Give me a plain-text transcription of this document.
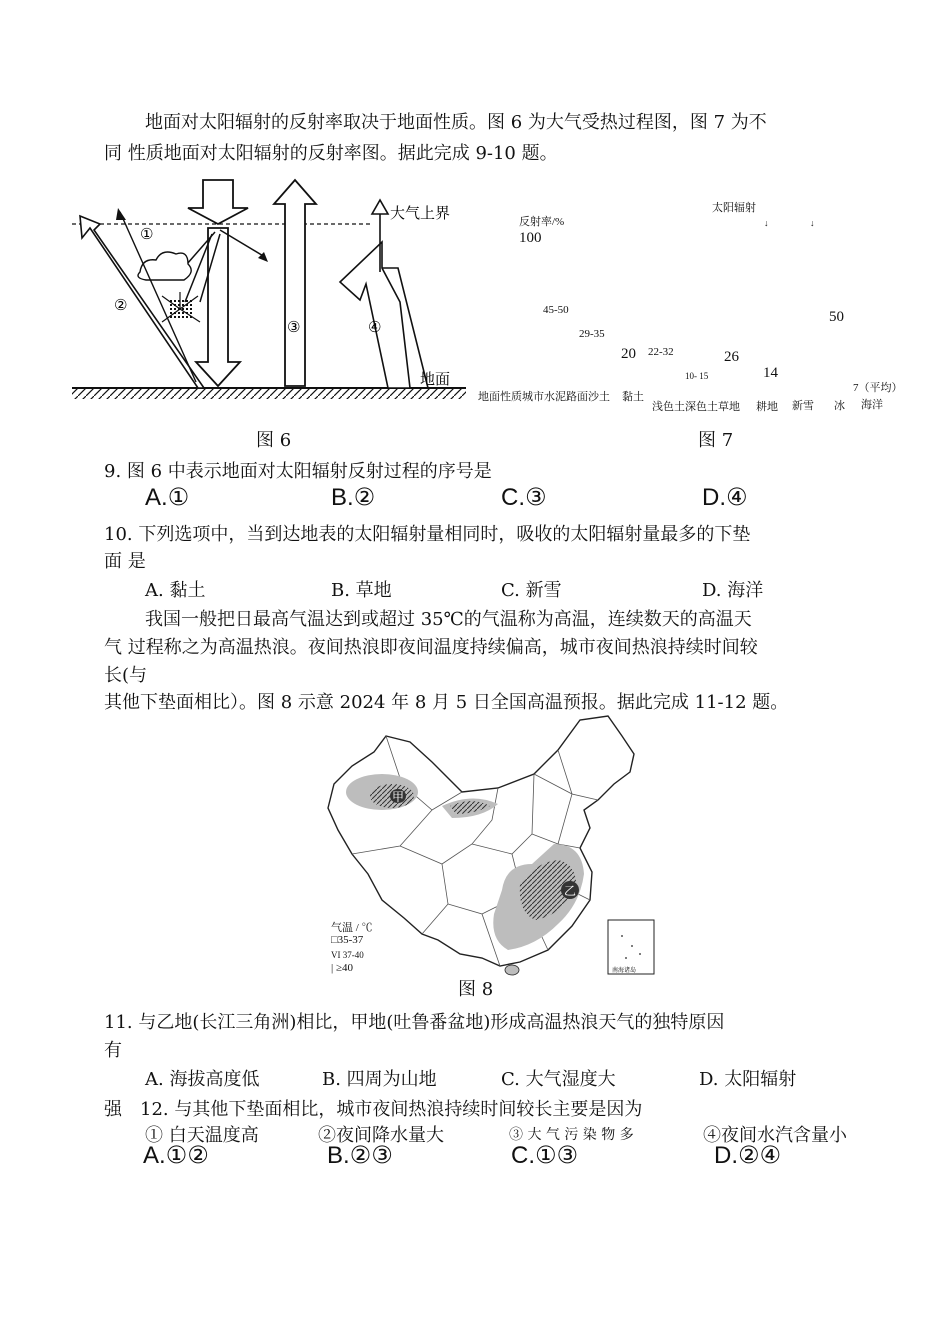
地面对太阳辐射的反射率取决于地面性质。图 6 为大气受热过程图，图 7 为不
同 性质地面对太阳辐射的反射率图。据此完成 9-10 题。
①
②
③	④
大气上界
地面
图 6
太阳辐射
↓	↓
反射率/%
100
45-50
29-35
20 22-32
10- 15
26
14
50
7（平均）
地面性质城市水泥路面沙土 黏土
浅色土深色土草地 耕地 新雪 冰 海洋
图 7
9. 图 6 中表示地面对太阳辐射反射过程的序号是
A.①	B.②	C.③	D.④
10. 下列选项中，当到达地表的太阳辐射量相同时，吸收的太阳辐射量最多的下垫
面 是
A. 黏土	B. 草地	C. 新雪	D. 海洋
我国一般把日最高气温达到或超过 35℃的气温称为高温，连续数天的高温天
气 过程称之为高温热浪。夜间热浪即夜间温度持续偏高，城市夜间热浪持续时间较
长(与
其他下垫面相比）。图 8 示意 2024 年 8 月 5 日全国高温预报。据此完成 11-12 题。
甲
乙
南海诸岛
气温 / ℃
□35-37
VI 37-40
| ≥40
图 8
11. 与乙地(长江三角洲)相比，甲地(吐鲁番盆地)形成高温热浪天气的独特原因
有
A. 海拔高度低	B. 四周为山地	C. 大气湿度大	D. 太阳辐射
强 12. 与其他下垫面相比，城市夜间热浪持续时间较长主要是因为
① 白天温度高	②夜间降水量大	③ 大 气 污 染 物 多	④夜间水汽含量小
A.①②	B.②③	C.①③	D.②④
